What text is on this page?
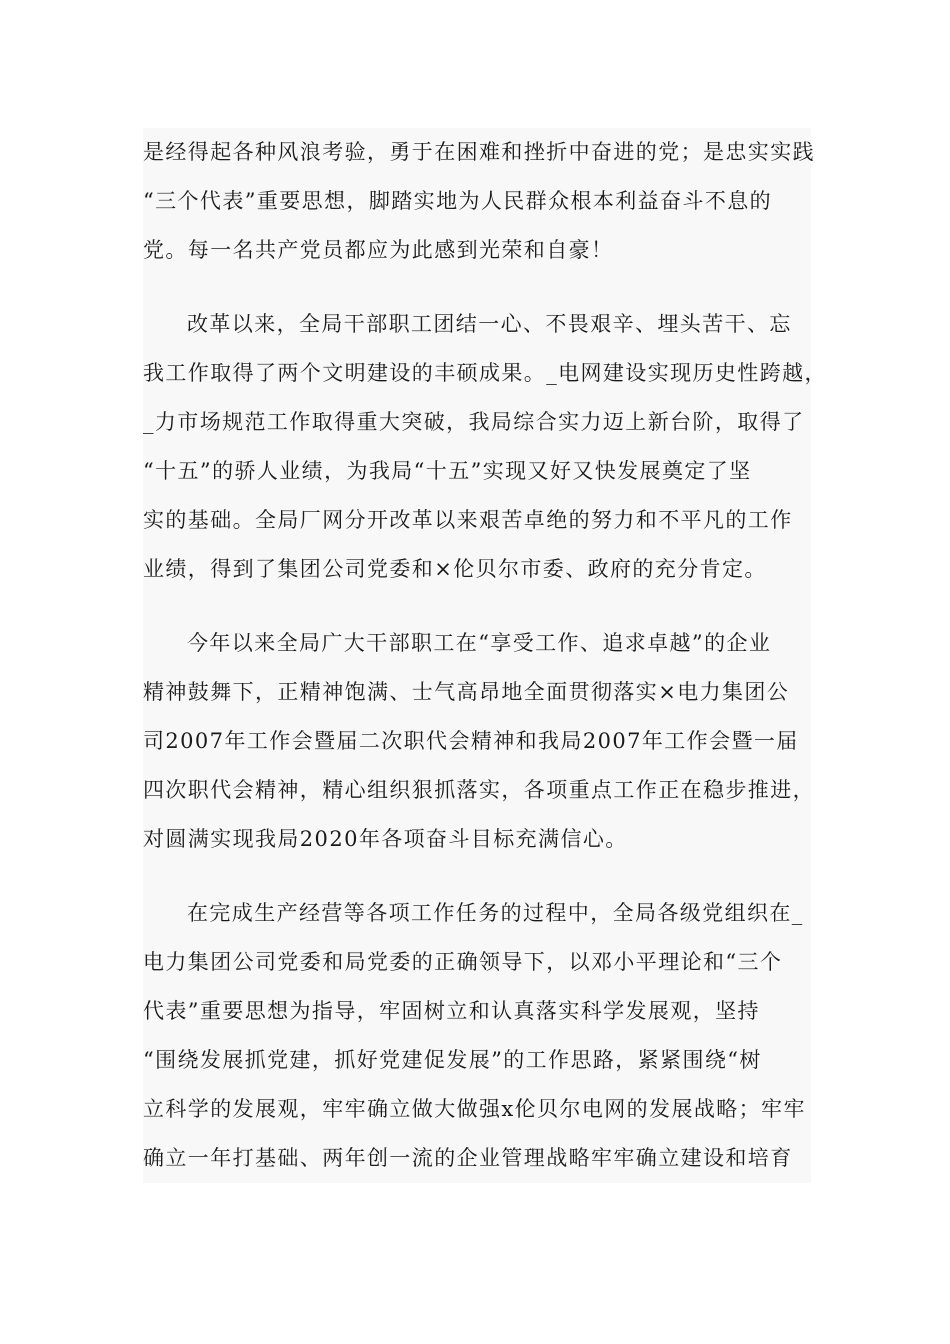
是经得起各种风浪考验，勇于在困难和挫折中奋进的党；是忠实实践
“三个代表”重要思想，脚踏实地为人民群众根本利益奋斗不息的
党。每一名共产党员都应为此感到光荣和自豪！
改革以来，全局干部职工团结一心、不畏艰辛、埋头苦干、忘
我工作取得了两个文明建设的丰硕成果。_电网建设实现历史性跨越，
_力市场规范工作取得重大突破，我局综合实力迈上新台阶，取得了
“十五”的骄人业绩，为我局“十五”实现又好又快发展奠定了坚
实的基础。全局厂网分开改革以来艰苦卓绝的努力和不平凡的工作
业绩，得到了集团公司党委和×伦贝尔市委、政府的充分肯定。
今年以来全局广大干部职工在“享受工作、追求卓越”的企业
精神鼓舞下，正精神饱满、士气高昂地全面贯彻落实×电力集团公
司2007年工作会暨届二次职代会精神和我局2007年工作会暨一届
四次职代会精神，精心组织狠抓落实，各项重点工作正在稳步推进，
对圆满实现我局2020年各项奋斗目标充满信心。
在完成生产经营等各项工作任务的过程中，全局各级党组织在_
电力集团公司党委和局党委的正确领导下，以邓小平理论和“三个
代表”重要思想为指导，牢固树立和认真落实科学发展观，坚持
“围绕发展抓党建，抓好党建促发展”的工作思路，紧紧围绕“树
立科学的发展观，牢牢确立做大做强x伦贝尔电网的发展战略；牢牢
确立一年打基础、两年创一流的企业管理战略牢牢确立建设和培育
